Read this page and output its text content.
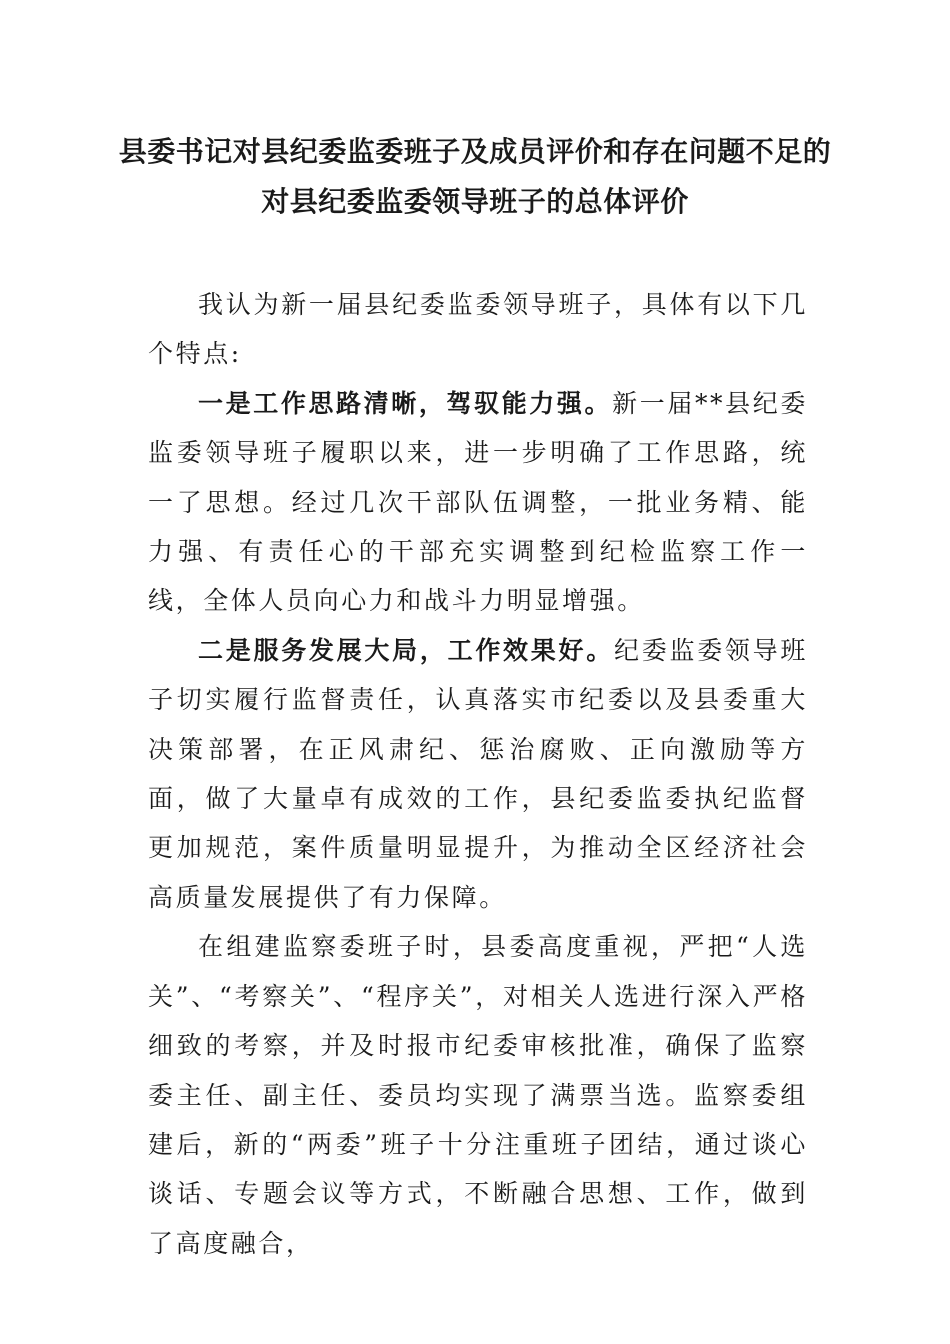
县委书记对县纪委监委班子及成员评价和存在问题不足的
对县纪委监委领导班子的总体评价

我认为新一届县纪委监委领导班子，具体有以下几个特点:

一是工作思路清晰，驾驭能力强。新一届**县纪委监委领导班子履职以来，进一步明确了工作思路，统一了思想。经过几次干部队伍调整，一批业务精、能力强、有责任心的干部充实调整到纪检监察工作一线，全体人员向心力和战斗力明显增强。

二是服务发展大局，工作效果好。纪委监委领导班子切实履行监督责任，认真落实市纪委以及县委重大决策部署，在正风肃纪、惩治腐败、正向激励等方面，做了大量卓有成效的工作，县纪委监委执纪监督更加规范，案件质量明显提升，为推动全区经济社会高质量发展提供了有力保障。

在组建监察委班子时，县委高度重视，严把“人选关”、“考察关”、“程序关”，对相关人选进行深入严格细致的考察，并及时报市纪委审核批准，确保了监察委主任、副主任、委员均实现了满票当选。监察委组建后，新的“两委”班子十分注重班子团结，通过谈心谈话、专题会议等方式，不断融合思想、工作，做到了高度融合，
